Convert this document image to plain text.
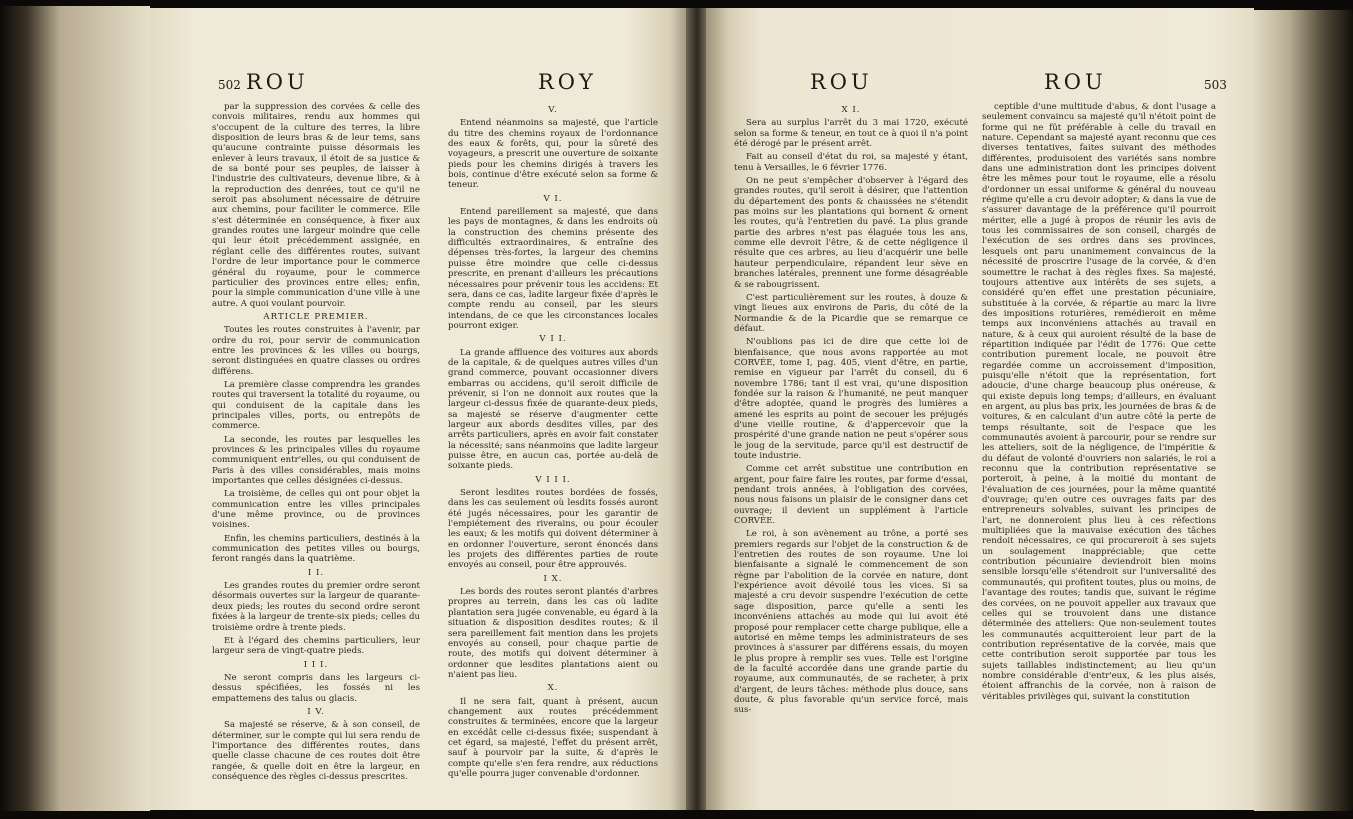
502 ROU	ROY

par la suppression des corvées & celle des convois militaires, rendu aux hommes qui s'occupent de la culture des terres, la libre disposition de leurs bras & de leur tems, sans qu'aucune contrainte puisse désormais les enlever à leurs travaux, il étoit de sa justice & de sa bonté pour ses peuples, de laisser à l'industrie des cultivateurs, devenue libre, & à la reproduction des denrées, tout ce qu'il ne seroit pas absolument nécessaire de détruire aux chemins, pour faciliter le commerce. Elle s'est déterminée en conséquence, à fixer aux grandes routes une largeur moindre que celle qui leur étoit précédemment assignée, en réglant celle des différentes routes, suivant l'ordre de leur importance pour le commerce général du royaume, pour le commerce particulier des provinces entre elles; enfin, pour la simple communication d'une ville à une autre. A quoi voulant pourvoir.

ARTICLE PREMIER.

Toutes les routes construites à l'avenir, par ordre du roi, pour servir de communication entre les provinces & les villes ou bourgs, seront distinguées en quatre classes ou ordres différens.

La première classe comprendra les grandes routes qui traversent la totalité du royaume, ou qui conduisent de la capitale dans les principales villes, ports, ou entrepôts de commerce.

La seconde, les routes par lesquelles les provinces & les principales villes du royaume communiquent entr'elles, ou qui conduisent de Paris à des villes considérables, mais moins importantes que celles désignées ci-dessus.

La troisième, de celles qui ont pour objet la communication entre les villes principales d'une même province, ou de provinces voisines.

Enfin, les chemins particuliers, destinés à la communication des petites villes ou bourgs, feront rangés dans la quatrième.

I I.

Les grandes routes du premier ordre seront désormais ouvertes sur la largeur de quarante-deux pieds; les routes du second ordre seront fixées à la largeur de trente-six pieds; celles du troisième ordre à trente pieds.

Et à l'égard des chemins particuliers, leur largeur sera de vingt-quatre pieds.

I I I.

Ne seront compris dans les largeurs ci-dessus spécifiées, les fossés ni les empattemens des talus ou glacis.

I V.

Sa majesté se réserve, & à son conseil, de déterminer, sur le compte qui lui sera rendu de l'importance des différentes routes, dans quelle classe chacune de ces routes doit être rangée, & quelle doit en être la largeur, en conséquence des règles ci-dessus prescrites.

V.

Entend néanmoins sa majesté, que l'article du titre des chemins royaux de l'ordonnance des eaux & forêts, qui, pour la sûreté des voyageurs, a prescrit une ouverture de soixante pieds pour les chemins dirigés à travers les bois, continue d'être exécuté selon sa forme & teneur.

V I.

Entend pareillement sa majesté, que dans les pays de montagnes, & dans les endroits où la construction des chemins présente des difficultés extraordinaires, & entraîne des dépenses très-fortes, la largeur des chemins puisse être moindre que celle ci-dessus prescrite, en prenant d'ailleurs les précautions nécessaires pour prévenir tous les accidens: Et sera, dans ce cas, ladite largeur fixée d'après le compte rendu au conseil, par les sieurs intendans, de ce que les circonstances locales pourront exiger.

V I I.

La grande affluence des voitures aux abords de la capitale, & de quelques autres villes d'un grand commerce, pouvant occasionner divers embarras ou accidens, qu'il seroit difficile de prévenir, si l'on ne donnoit aux routes que la largeur ci-dessus fixée de quarante-deux pieds, sa majesté se réserve d'augmenter cette largeur aux abords desdites villes, par des arrêts particuliers, après en avoir fait constater la nécessité; sans néanmoins que ladite largeur puisse être, en aucun cas, portée au-delà de soixante pieds.

V I I I.

Seront lesdites routes bordées de fossés, dans les cas seulement où lesdits fossés auront été jugés nécessaires, pour les garantir de l'empiétement des riverains, ou pour écouler les eaux; & les motifs qui doivent déterminer à en ordonner l'ouverture, seront énoncés dans les projets des différentes parties de route envoyés au conseil, pour être approuvés.

I X.

Les bords des routes seront plantés d'arbres propres au terrein, dans les cas où ladite plantation sera jugée convenable, eu égard à la situation & disposition desdites routes; & il sera pareillement fait mention dans les projets envoyés au conseil, pour chaque partie de route, des motifs qui doivent déterminer à ordonner que lesdites plantations aient ou n'aient pas lieu.

X.

Il ne sera fait, quant à présent, aucun changement aux routes précédemment construites & terminées, encore que la largeur en excédât celle ci-dessus fixée; suspendant à cet égard, sa majesté, l'effet du présent arrêt, sauf à pourvoir par la suite, & d'après le compte qu'elle s'en fera rendre, aux réductions qu'elle pourra juger convenable d'ordonner.

ROU	ROU	503

X I.

Sera au surplus l'arrêt du 3 mai 1720, exécuté selon sa forme & teneur, en tout ce à quoi il n'a point été dérogé par le présent arrêt.

Fait au conseil d'état du roi, sa majesté y étant, tenu à Versailles, le 6 février 1776.

On ne peut s'empêcher d'observer à l'égard des grandes routes, qu'il seroit à désirer, que l'attention du département des ponts & chaussées ne s'étendit pas moins sur les plantations qui bornent & ornent les routes, qu'à l'entretien du pavé. La plus grande partie des arbres n'est pas élaguée tous les ans, comme elle devroit l'être, & de cette négligence il résulte que ces arbres, au lieu d'acquérir une belle hauteur perpendiculaire, répandent leur sève en branches latérales, prennent une forme désagréable & se rabougrissent.

C'est particulièrement sur les routes, à douze & vingt lieues aux environs de Paris, du côté de la Normandie & de la Picardie que se remarque ce défaut.

N'oublions pas ici de dire que cette loi de bienfaisance, que nous avons rapportée au mot CORVÉE, tome I, pag. 405, vient d'être, en partie, remise en vigueur par l'arrêt du conseil, du 6 novembre 1786; tant il est vrai, qu'une disposition fondée sur la raison & l'humanité, ne peut manquer d'être adoptée, quand le progrès des lumières a amené les esprits au point de secouer les préjugés d'une vieille routine, & d'appercevoir que la prospérité d'une grande nation ne peut s'opérer sous le joug de la servitude, parce qu'il est destructif de toute industrie.

Comme cet arrêt substitue une contribution en argent, pour faire faire les routes, par forme d'essai, pendant trois années, à l'obligation des corvées, nous nous faisons un plaisir de le consigner dans cet ouvrage; il devient un supplément à l'article CORVÉE.

Le roi, à son avènement au trône, a porté ses premiers regards sur l'objet de la construction & de l'entretien des routes de son royaume. Une loi bienfaisante a signalé le commencement de son règne par l'abolition de la corvée en nature, dont l'expérience avoit dévoilé tous les vices. Si sa majesté a cru devoir suspendre l'exécution de cette sage disposition, parce qu'elle a senti les inconvéniens attachés au mode qui lui avoit été proposé pour remplacer cette charge publique, elle a autorisé en même temps les administrateurs de ses provinces à s'assurer par différens essais, du moyen le plus propre à remplir ses vues. Telle est l'origine de la faculté accordée dans une grande partie du royaume, aux communautés, de se racheter, à prix d'argent, de leurs tâches: méthode plus douce, sans doute, & plus favorable qu'un service forcé, mais sus-

ceptible d'une multitude d'abus, & dont l'usage a seulement convaincu sa majesté qu'il n'étoit point de forme qui ne fût préférable à celle du travail en nature. Cependant sa majesté ayant reconnu que ces diverses tentatives, faites suivant des méthodes différentes, produisoient des variétés sans nombre dans une administration dont les principes doivent être les mêmes pour tout le royaume, elle a résolu d'ordonner un essai uniforme & général du nouveau régime qu'elle a cru devoir adopter; & dans la vue de s'assurer davantage de la préférence qu'il pourroit mériter, elle a jugé à propos de réunir les avis de tous les commissaires de son conseil, chargés de l'exécution de ses ordres dans ses provinces, lesquels ont paru unanimement convaincus de la nécessité de proscrire l'usage de la corvée, & d'en soumettre le rachat à des règles fixes. Sa majesté, toujours attentive aux intérêts de ses sujets, a considéré qu'en effet une prestation pécuniaire, substituée à la corvée, & répartie au marc la livre des impositions roturières, remédieroit en même temps aux inconvéniens attachés au travail en nature, & à ceux qui auroient résulté de la base de répartition indiquée par l'édit de 1776: Que cette contribution purement locale, ne pouvoit être regardée comme un accroissement d'imposition, puisqu'elle n'étoit que la représentation, fort adoucie, d'une charge beaucoup plus onéreuse, & qui existe depuis long temps; d'ailleurs, en évaluant en argent, au plus bas prix, les journées de bras & de voitures, & en calculant d'un autre côté la perte de temps résultante, soit de l'espace que les communautés avoient à parcourir, pour se rendre sur les atteliers, soit de la négligence, de l'impéritie & du défaut de volonté d'ouvriers non salariés, le roi a reconnu que la contribution représentative se porteroit, à peine, à la moitié du montant de l'évaluation de ces journées, pour la même quantité d'ouvrage; qu'en outre ces ouvrages faits par des entrepreneurs solvables, suivant les principes de l'art, ne donneroient plus lieu à ces réfections multipliées que la mauvaise exécution des tâches rendoit nécessaires, ce qui procureroit à ses sujets un soulagement inappréciable; que cette contribution pécuniaire deviendroit bien moins sensible lorsqu'elle s'étendroit sur l'universalité des communautés, qui profitent toutes, plus ou moins, de l'avantage des routes; tandis que, suivant le régime des corvées, on ne pouvoit appeller aux travaux que celles qui se trouvoient dans une distance déterminée des atteliers: Que non-seulement toutes les communautés acquitteroient leur part de la contribution représentative de la corvée, mais que cette contribution seroit supportée par tous les sujets taillables indistinctement; au lieu qu'un nombre considérable d'entr'eux, & les plus aisés, étoient affranchis de la corvée, non à raison de véritables privilèges qui, suivant la constitution
